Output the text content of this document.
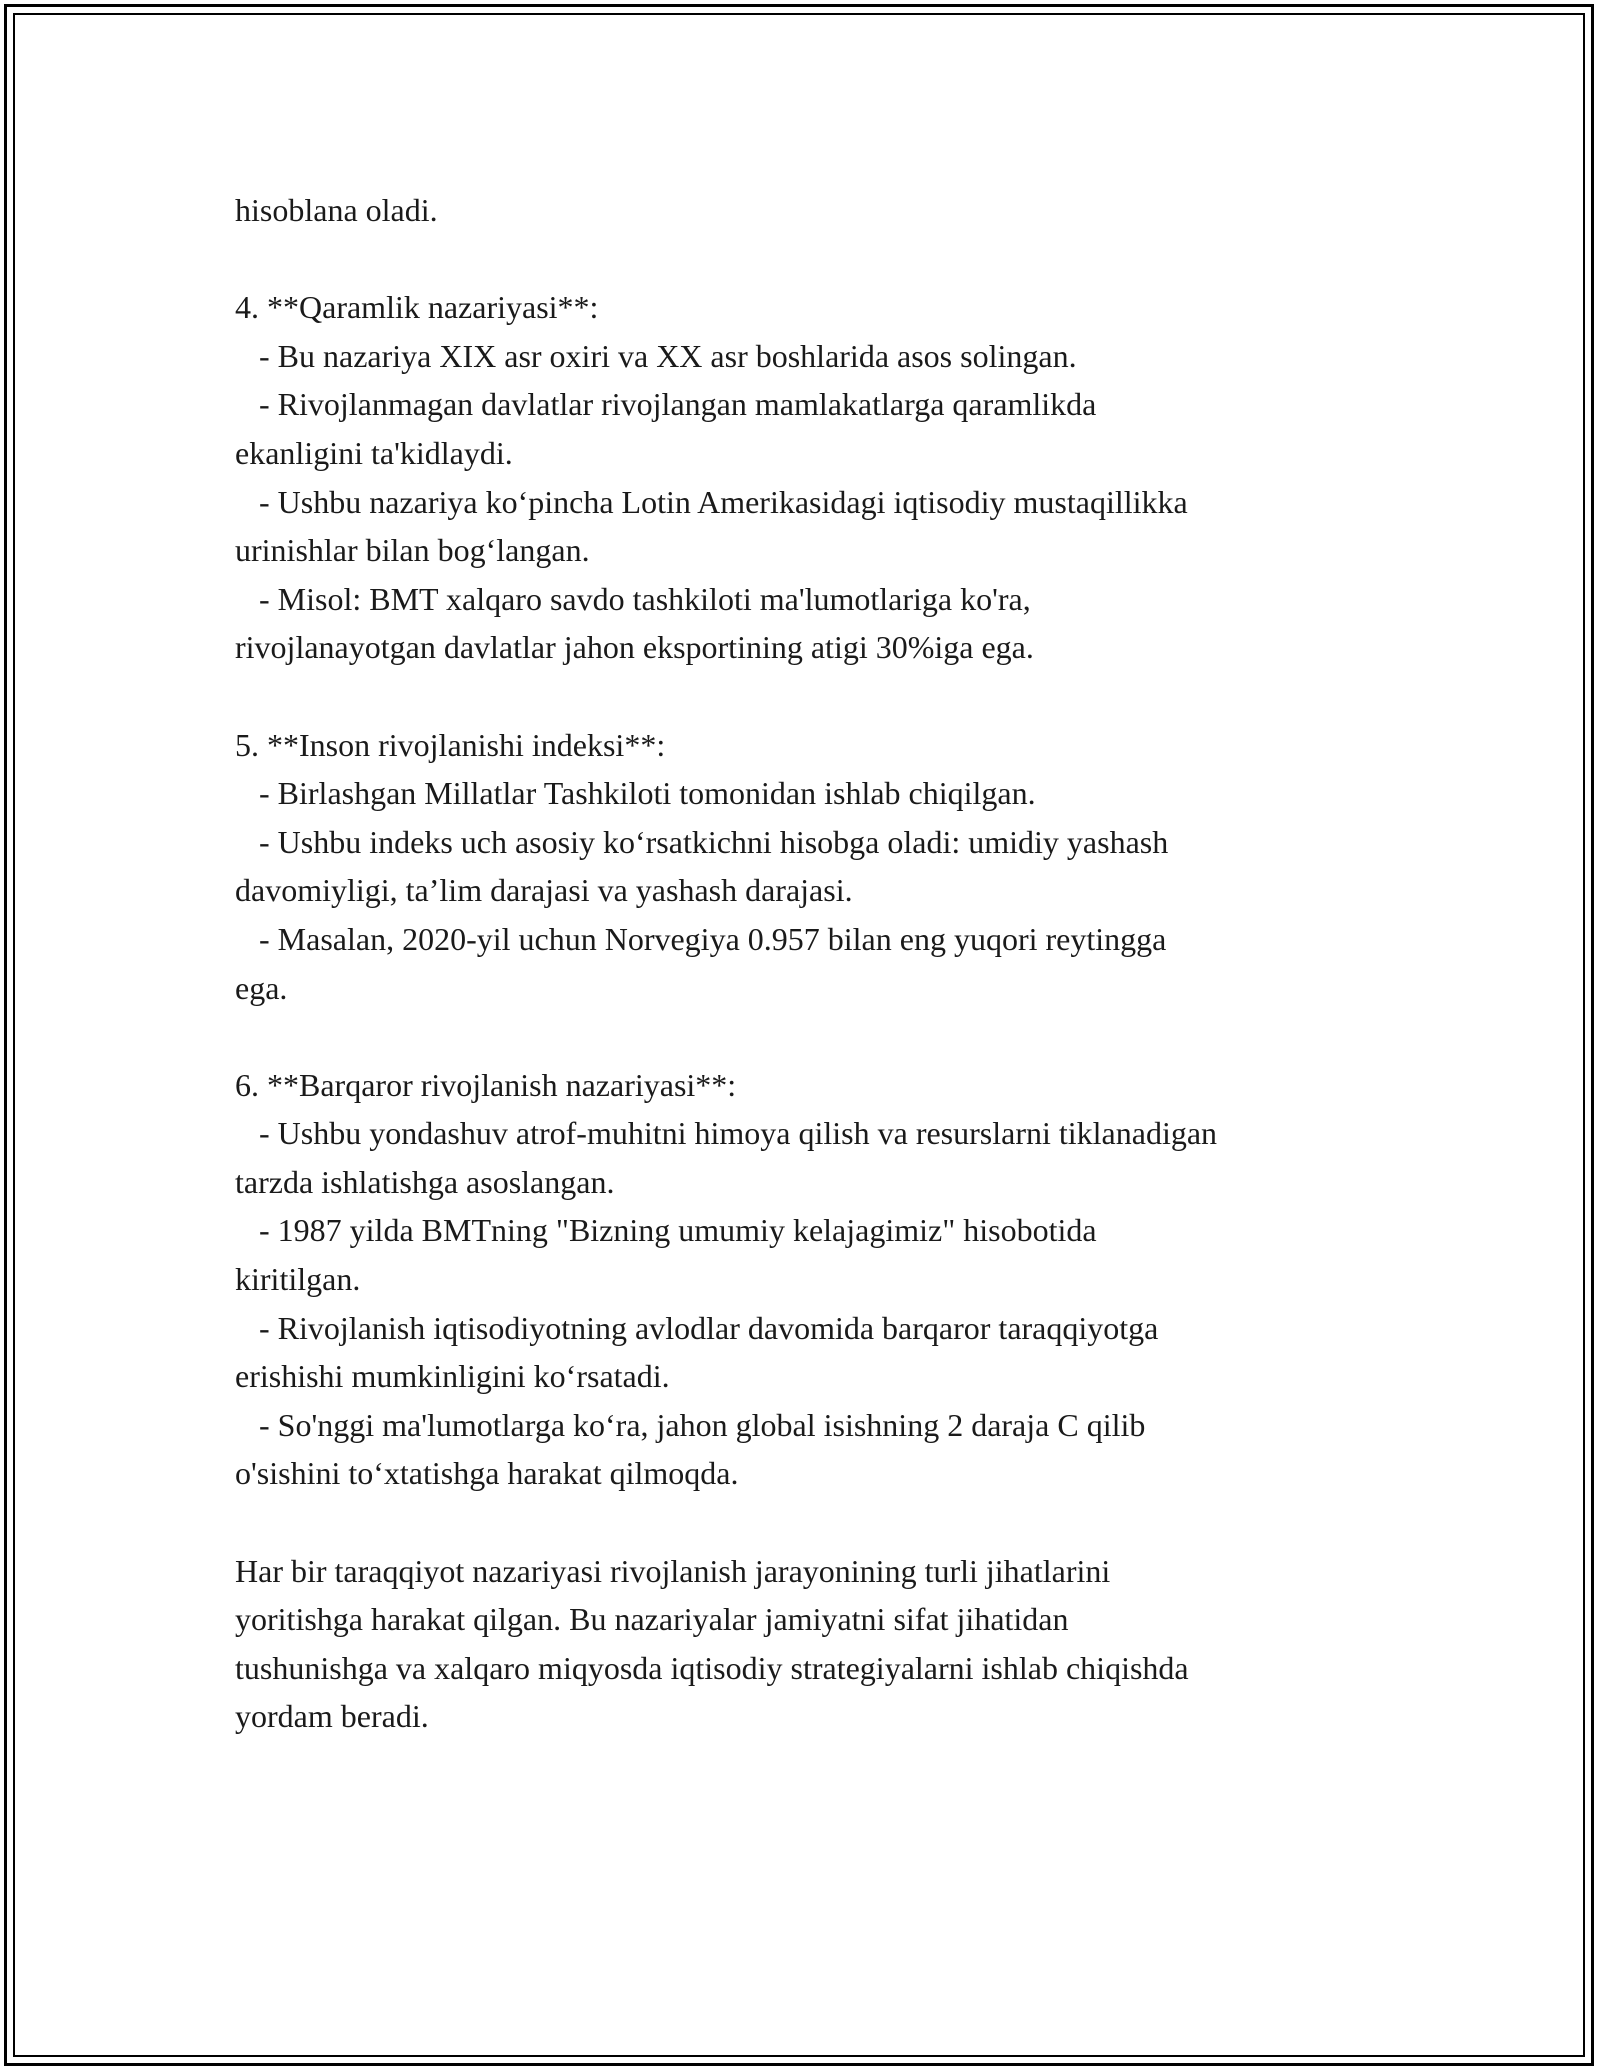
hisoblana oladi.
4. **Qaramlik nazariyasi**:
- Bu nazariya XIX asr oxiri va XX asr boshlarida asos solingan.
- Rivojlanmagan davlatlar rivojlangan mamlakatlarga qaramlikda
ekanligini ta'kidlaydi.
- Ushbu nazariya ko‘pincha Lotin Amerikasidagi iqtisodiy mustaqillikka
urinishlar bilan bog‘langan.
- Misol: BMT xalqaro savdo tashkiloti ma'lumotlariga ko'ra,
rivojlanayotgan davlatlar jahon eksportining atigi 30%iga ega.
5. **Inson rivojlanishi indeksi**:
- Birlashgan Millatlar Tashkiloti tomonidan ishlab chiqilgan.
- Ushbu indeks uch asosiy ko‘rsatkichni hisobga oladi: umidiy yashash
davomiyligi, ta’lim darajasi va yashash darajasi.
- Masalan, 2020-yil uchun Norvegiya 0.957 bilan eng yuqori reytingga
ega.
6. **Barqaror rivojlanish nazariyasi**:
- Ushbu yondashuv atrof-muhitni himoya qilish va resurslarni tiklanadigan
tarzda ishlatishga asoslangan.
- 1987 yilda BMTning "Bizning umumiy kelajagimiz" hisobotida
kiritilgan.
- Rivojlanish iqtisodiyotning avlodlar davomida barqaror taraqqiyotga
erishishi mumkinligini ko‘rsatadi.
- So'nggi ma'lumotlarga ko‘ra, jahon global isishning 2 daraja C qilib
o'sishini to‘xtatishga harakat qilmoqda.
Har bir taraqqiyot nazariyasi rivojlanish jarayonining turli jihatlarini
yoritishga harakat qilgan. Bu nazariyalar jamiyatni sifat jihatidan
tushunishga va xalqaro miqyosda iqtisodiy strategiyalarni ishlab chiqishda
yordam beradi.
